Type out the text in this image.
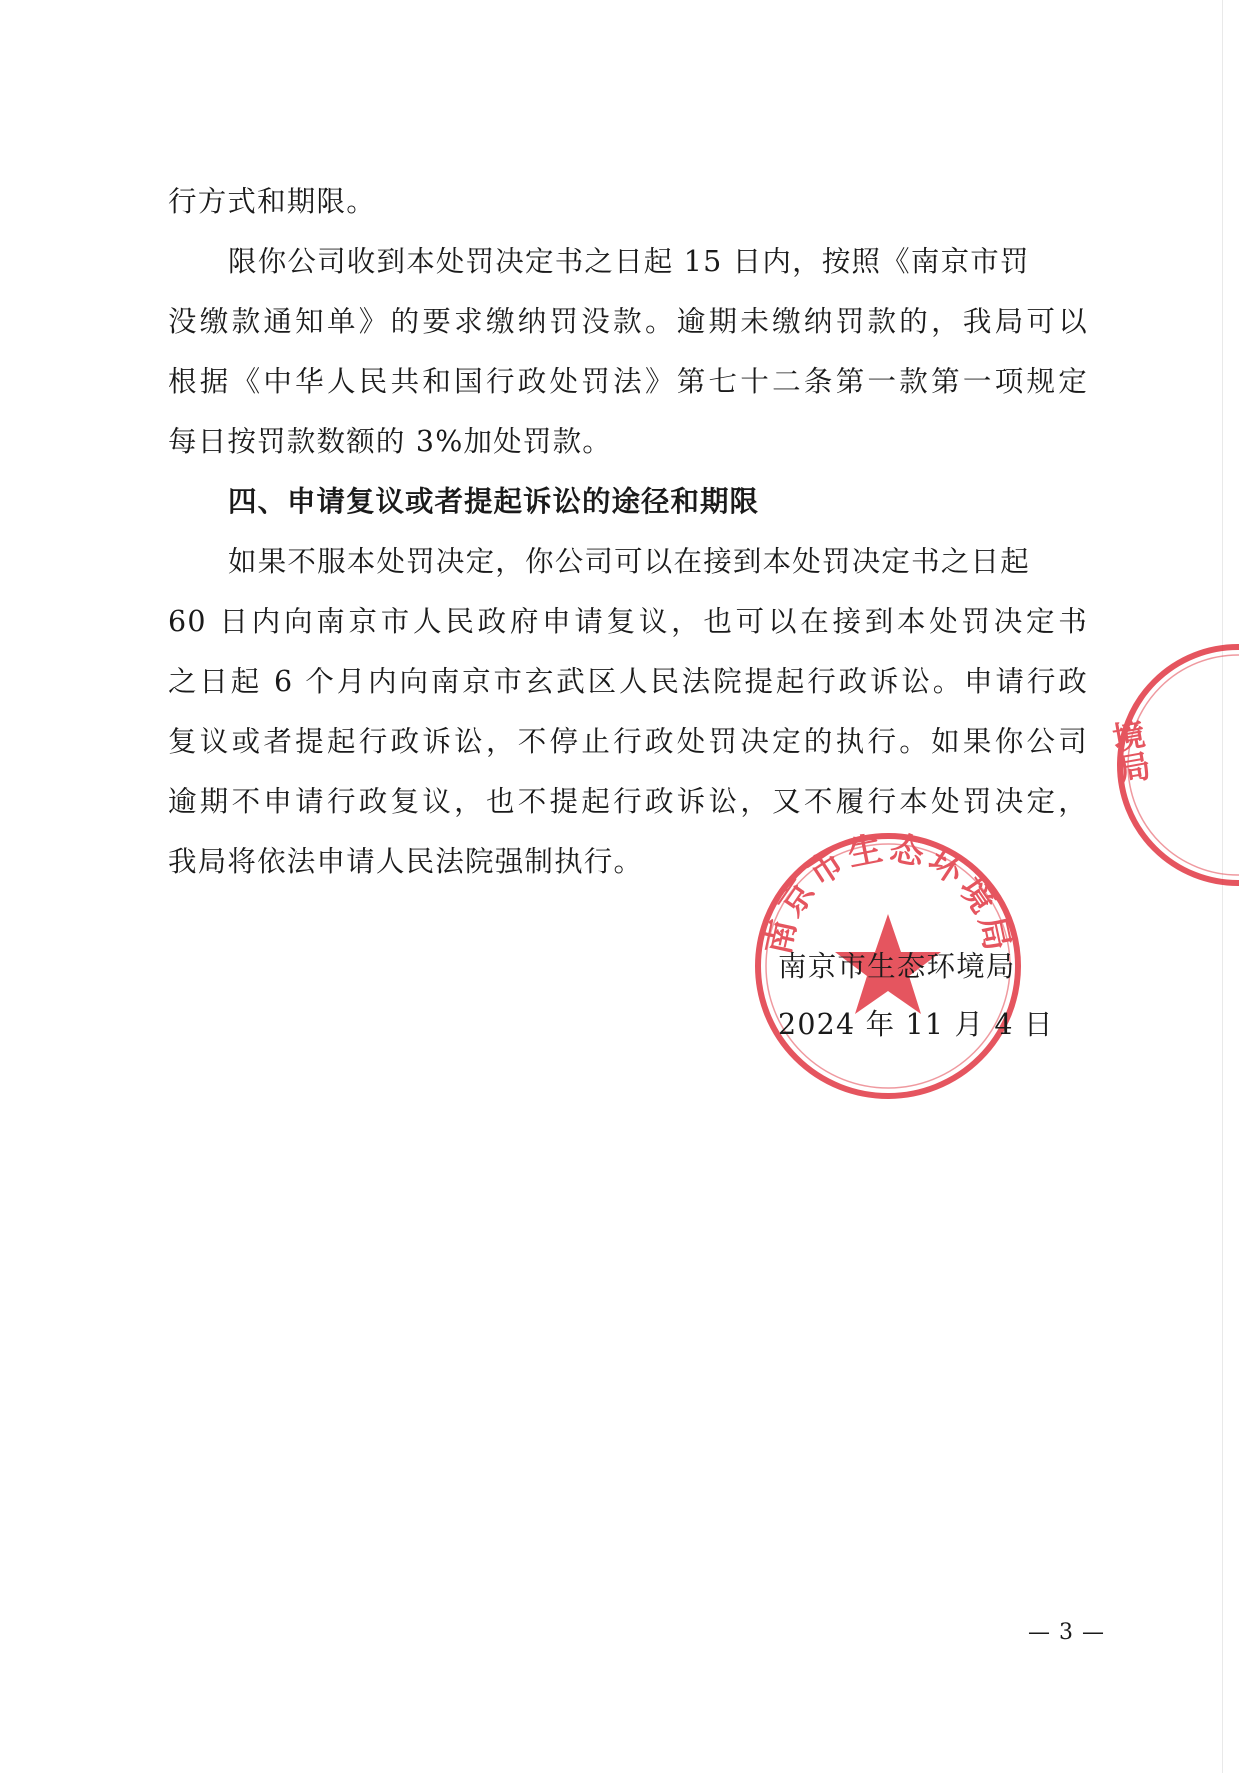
行方式和期限。
限你公司收到本处罚决定书之日起 15 日内，按照《南京市罚
没缴款通知单》的要求缴纳罚没款。逾期未缴纳罚款的，我局可以
根据《中华人民共和国行政处罚法》第七十二条第一款第一项规定
每日按罚款数额的 3%加处罚款。
四、申请复议或者提起诉讼的途径和期限
如果不服本处罚决定，你公司可以在接到本处罚决定书之日起
60 日内向南京市人民政府申请复议，也可以在接到本处罚决定书
之日起 6 个月内向南京市玄武区人民法院提起行政诉讼。申请行政
复议或者提起行政诉讼，不停止行政处罚决定的执行。如果你公司
逾期不申请行政复议，也不提起行政诉讼，又不履行本处罚决定，
我局将依法申请人民法院强制执行。
南京市生态环境局
境局
南京市生态环境局
2024 年 11 月 4 日
— 3 —
